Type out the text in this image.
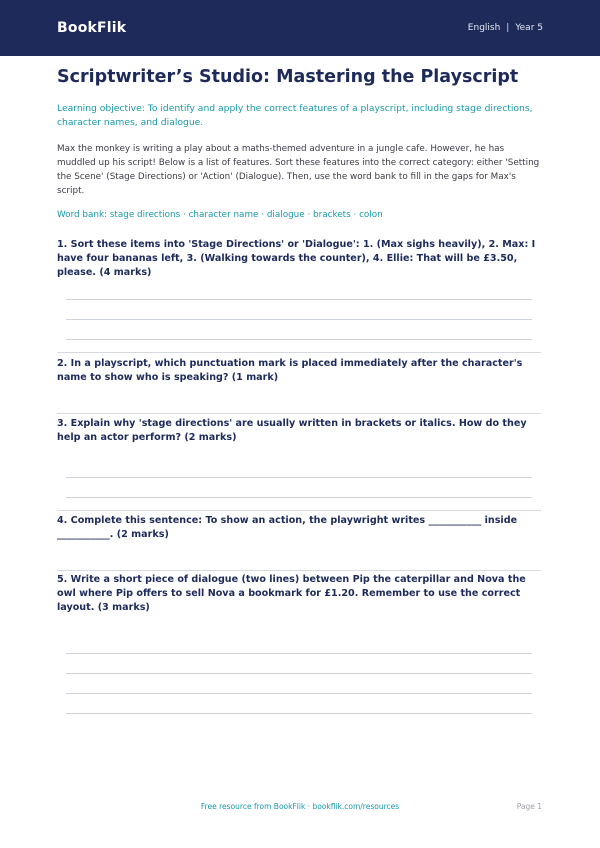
BookFlik	English | Year 5
Scriptwriter’s Studio: Mastering the Playscript

Learning objective: To identify and apply the correct features of a playscript, including stage directions, character names, and dialogue.

Max the monkey is writing a play about a maths-themed adventure in a jungle cafe. However, he has muddled up his script! Below is a list of features. Sort these features into the correct category: either 'Setting the Scene' (Stage Directions) or 'Action' (Dialogue). Then, use the word bank to fill in the gaps for Max's script.

Word bank: stage directions · character name · dialogue · brackets · colon

1. Sort these items into 'Stage Directions' or 'Dialogue': 1. (Max sighs heavily), 2. Max: I have four bananas left, 3. (Walking towards the counter), 4. Ellie: That will be £3.50, please. (4 marks)

2. In a playscript, which punctuation mark is placed immediately after the character's name to show who is speaking? (1 mark)

3. Explain why 'stage directions' are usually written in brackets or italics. How do they help an actor perform? (2 marks)

4. Complete this sentence: To show an action, the playwright writes ___________ inside ___________. (2 marks)

5. Write a short piece of dialogue (two lines) between Pip the caterpillar and Nova the owl where Pip offers to sell Nova a bookmark for £1.20. Remember to use the correct layout. (3 marks)

Free resource from BookFlik · bookflik.com/resources	Page 1
